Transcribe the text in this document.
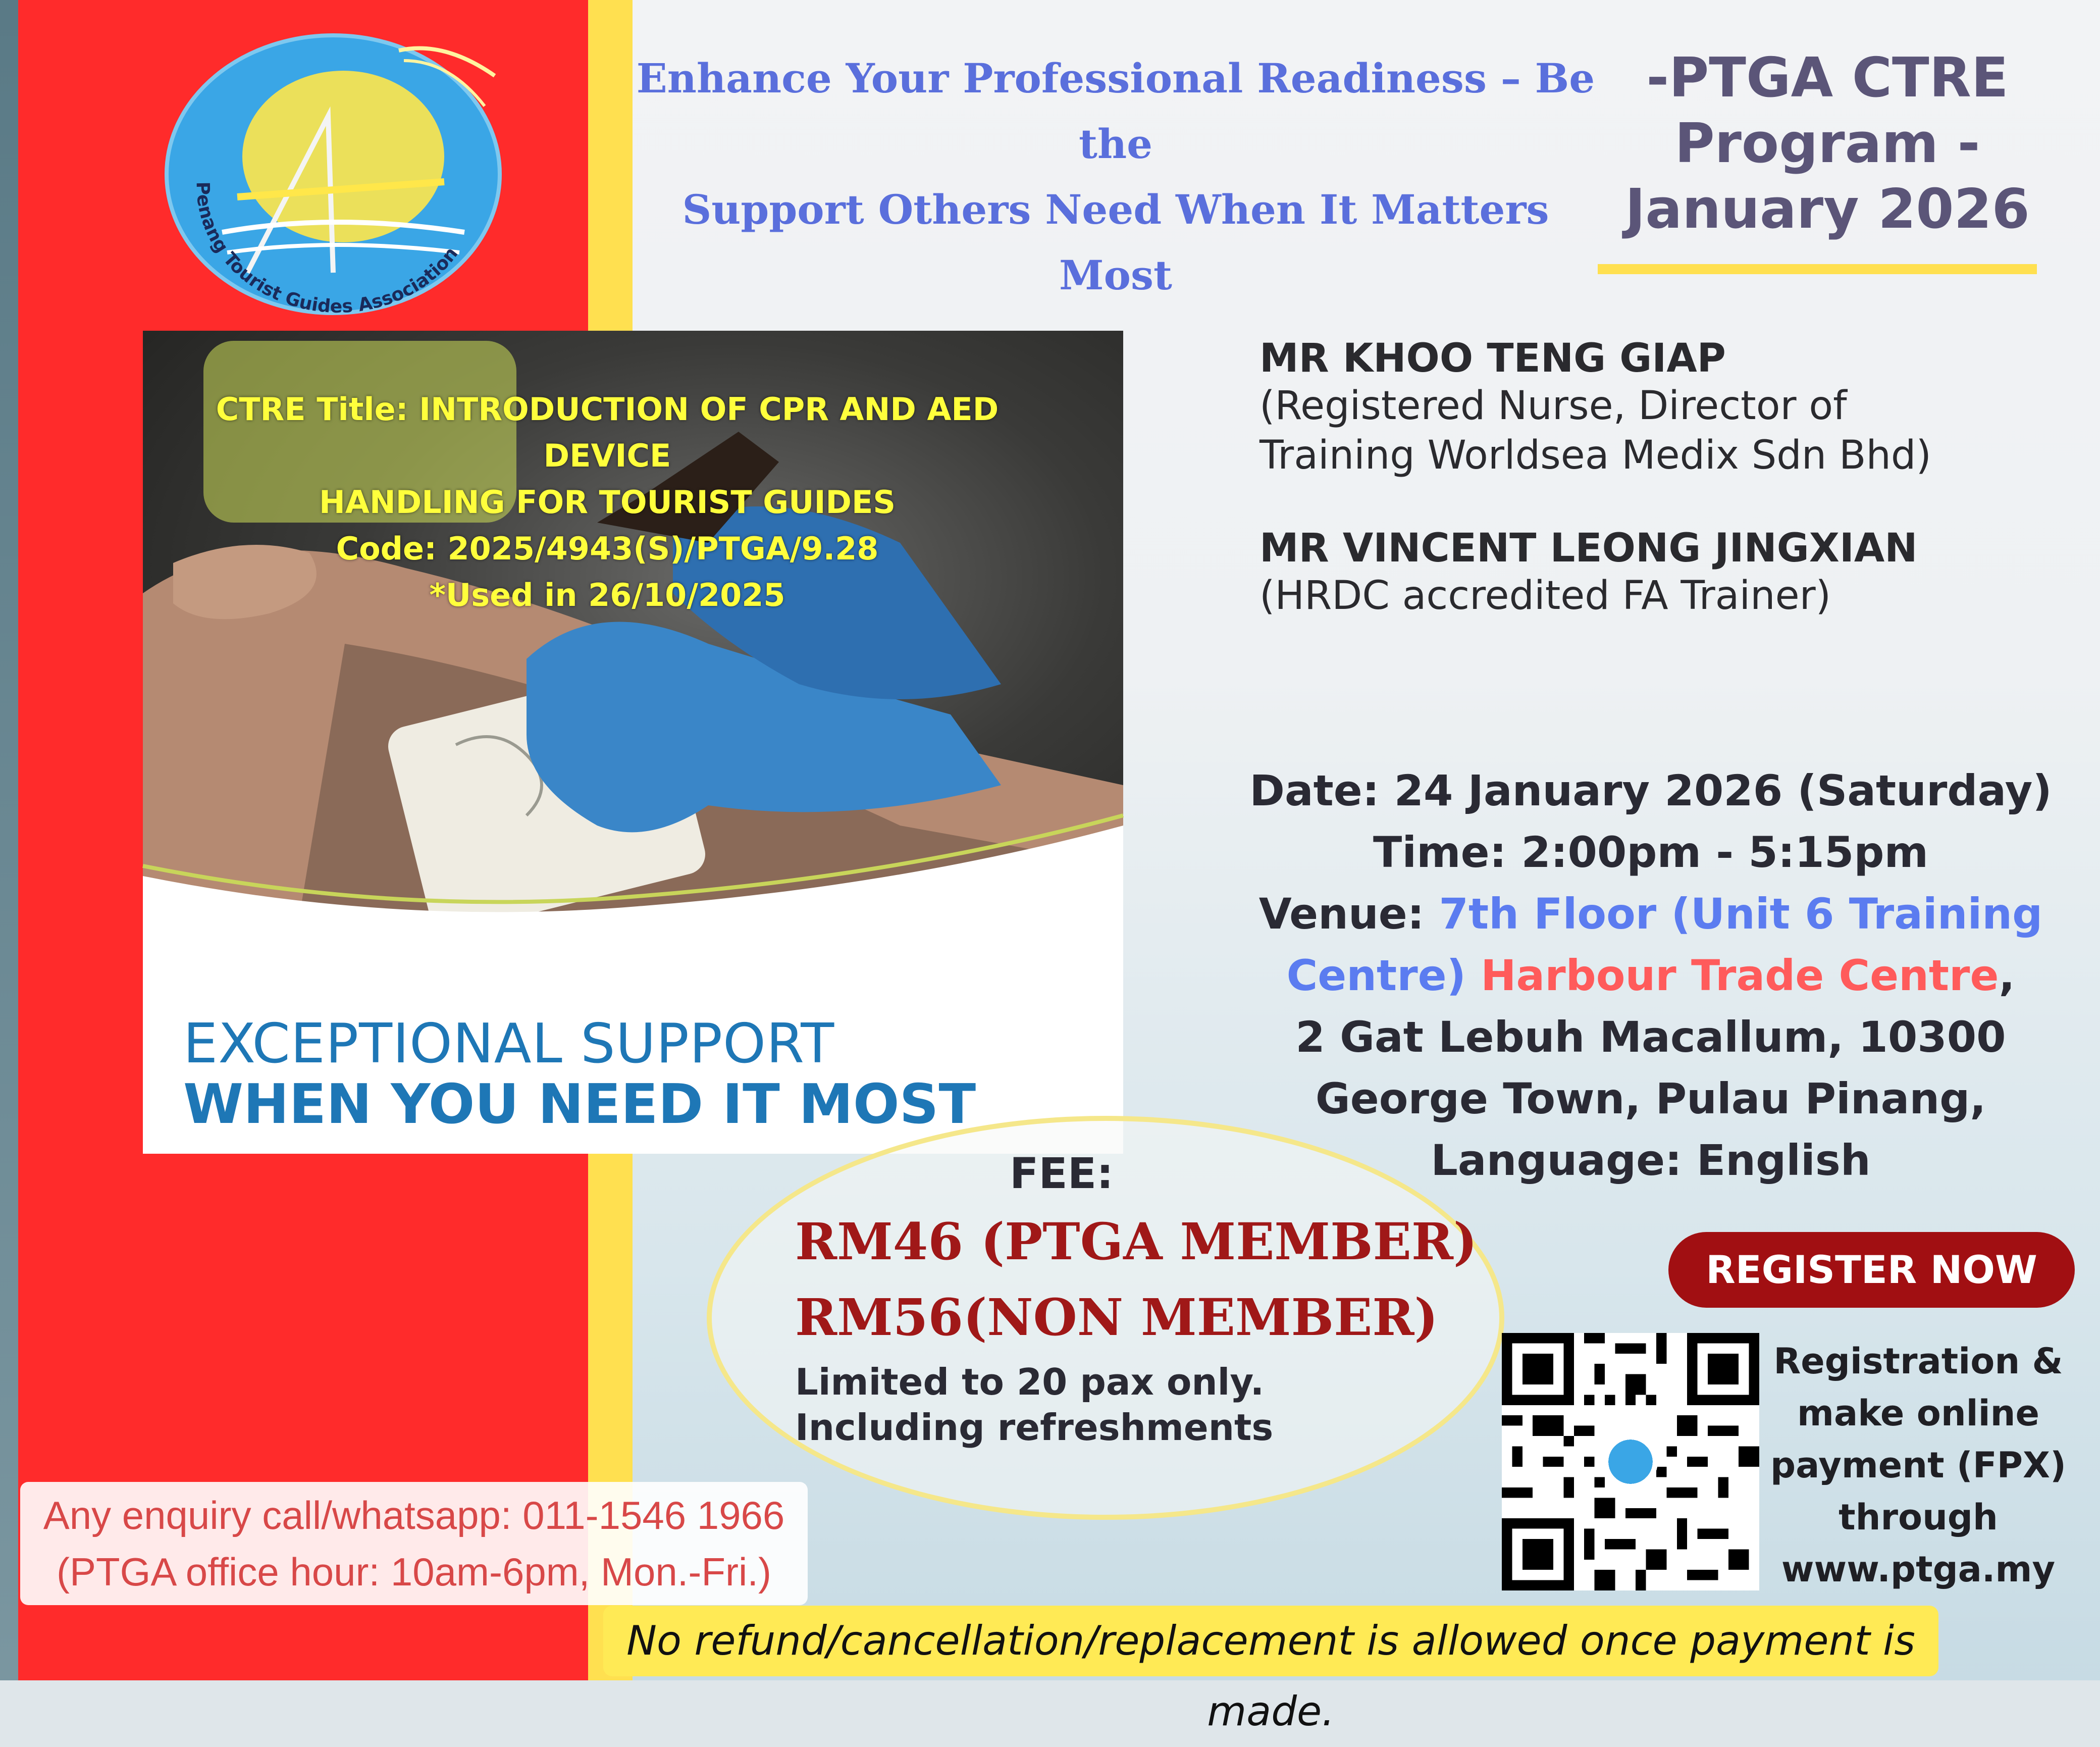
Penang Tourist Guides Association
Enhance Your Professional Readiness – Be the
Support Others Need When It Matters Most
-PTGA CTRE
Program -
January 2026
CTRE Title: INTRODUCTION OF CPR AND AED DEVICE
HANDLING FOR TOURIST GUIDES
Code: 2025/4943(S)/PTGA/9.28
*Used in 26/10/2025
EXCEPTIONAL SUPPORT
WHEN YOU NEED IT MOST
MR KHOO TENG GIAP
(Registered Nurse, Director of
Training Worldsea Medix Sdn Bhd)
MR VINCENT LEONG JINGXIAN
(HRDC accredited FA Trainer)
Date: 24 January 2026 (Saturday)
Time: 2:00pm - 5:15pm
Venue: 7th Floor (Unit 6 Training
Centre) Harbour Trade Centre,
2 Gat Lebuh Macallum, 10300
George Town, Pulau Pinang,
Language: English
FEE:
RM46 (PTGA MEMBER)
RM56(NON MEMBER)
Limited to 20 pax only.
Including refreshments
REGISTER NOW
Registration &
make online
payment (FPX)
through
www.ptga.my
Any enquiry call/whatsapp: 011-1546 1966
(PTGA office hour: 10am-6pm, Mon.-Fri.)
No refund/cancellation/replacement is allowed once payment is made.
